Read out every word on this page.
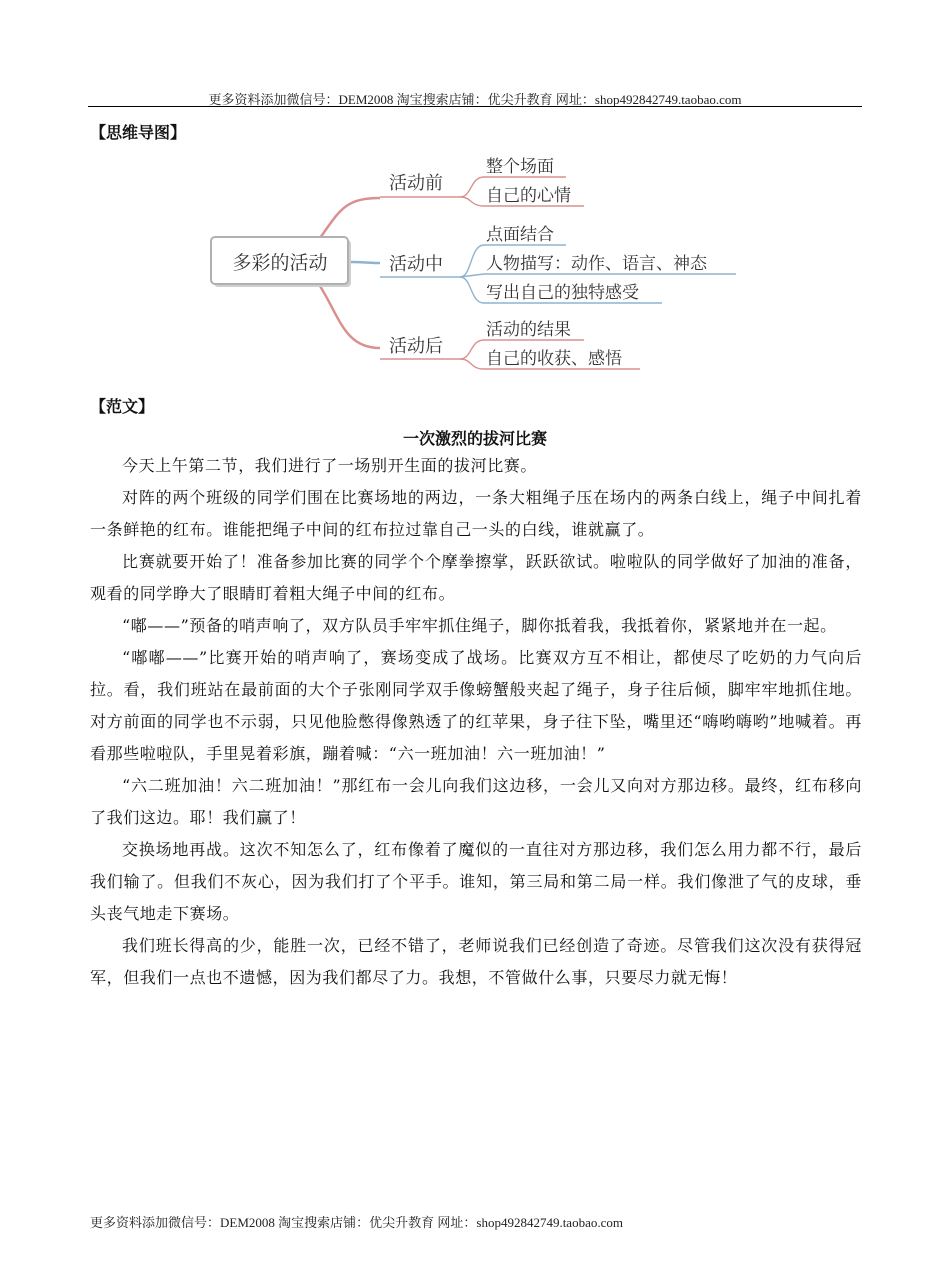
更多资料添加微信号：DEM2008 淘宝搜索店铺：优尖升教育 网址：shop492842749.taobao.com
【思维导图】
多彩的活动
活动前
活动中
活动后
整个场面
自己的心情
点面结合
人物描写：动作、语言、神态
写出自己的独特感受
活动的结果
自己的收获、感悟
【范文】
一次激烈的拔河比赛

今天上午第二节，我们进行了一场别开生面的拔河比赛。

对阵的两个班级的同学们围在比赛场地的两边，一条大粗绳子压在场内的两条白线上，绳子中间扎着一条鲜艳的红布。谁能把绳子中间的红布拉过靠自己一头的白线，谁就赢了。

比赛就要开始了！准备参加比赛的同学个个摩拳擦掌，跃跃欲试。啦啦队的同学做好了加油的准备，观看的同学睁大了眼睛盯着粗大绳子中间的红布。

“嘟——”预备的哨声响了，双方队员手牢牢抓住绳子，脚你抵着我，我抵着你，紧紧地并在一起。

“嘟嘟——”比赛开始的哨声响了，赛场变成了战场。比赛双方互不相让，都使尽了吃奶的力气向后拉。看，我们班站在最前面的大个子张刚同学双手像螃蟹般夹起了绳子，身子往后倾，脚牢牢地抓住地。对方前面的同学也不示弱，只见他脸憋得像熟透了的红苹果，身子往下坠，嘴里还“嗨哟嗨哟”地喊着。再看那些啦啦队，手里晃着彩旗，蹦着喊：“六一班加油！六一班加油！”

“六二班加油！六二班加油！”那红布一会儿向我们这边移，一会儿又向对方那边移。最终，红布移向了我们这边。耶！我们赢了！

交换场地再战。这次不知怎么了，红布像着了魔似的一直往对方那边移，我们怎么用力都不行，最后我们输了。但我们不灰心，因为我们打了个平手。谁知，第三局和第二局一样。我们像泄了气的皮球，垂头丧气地走下赛场。

我们班长得高的少，能胜一次，已经不错了，老师说我们已经创造了奇迹。尽管我们这次没有获得冠军，但我们一点也不遗憾，因为我们都尽了力。我想，不管做什么事，只要尽力就无悔！

更多资料添加微信号：DEM2008 淘宝搜索店铺：优尖升教育 网址：shop492842749.taobao.com
